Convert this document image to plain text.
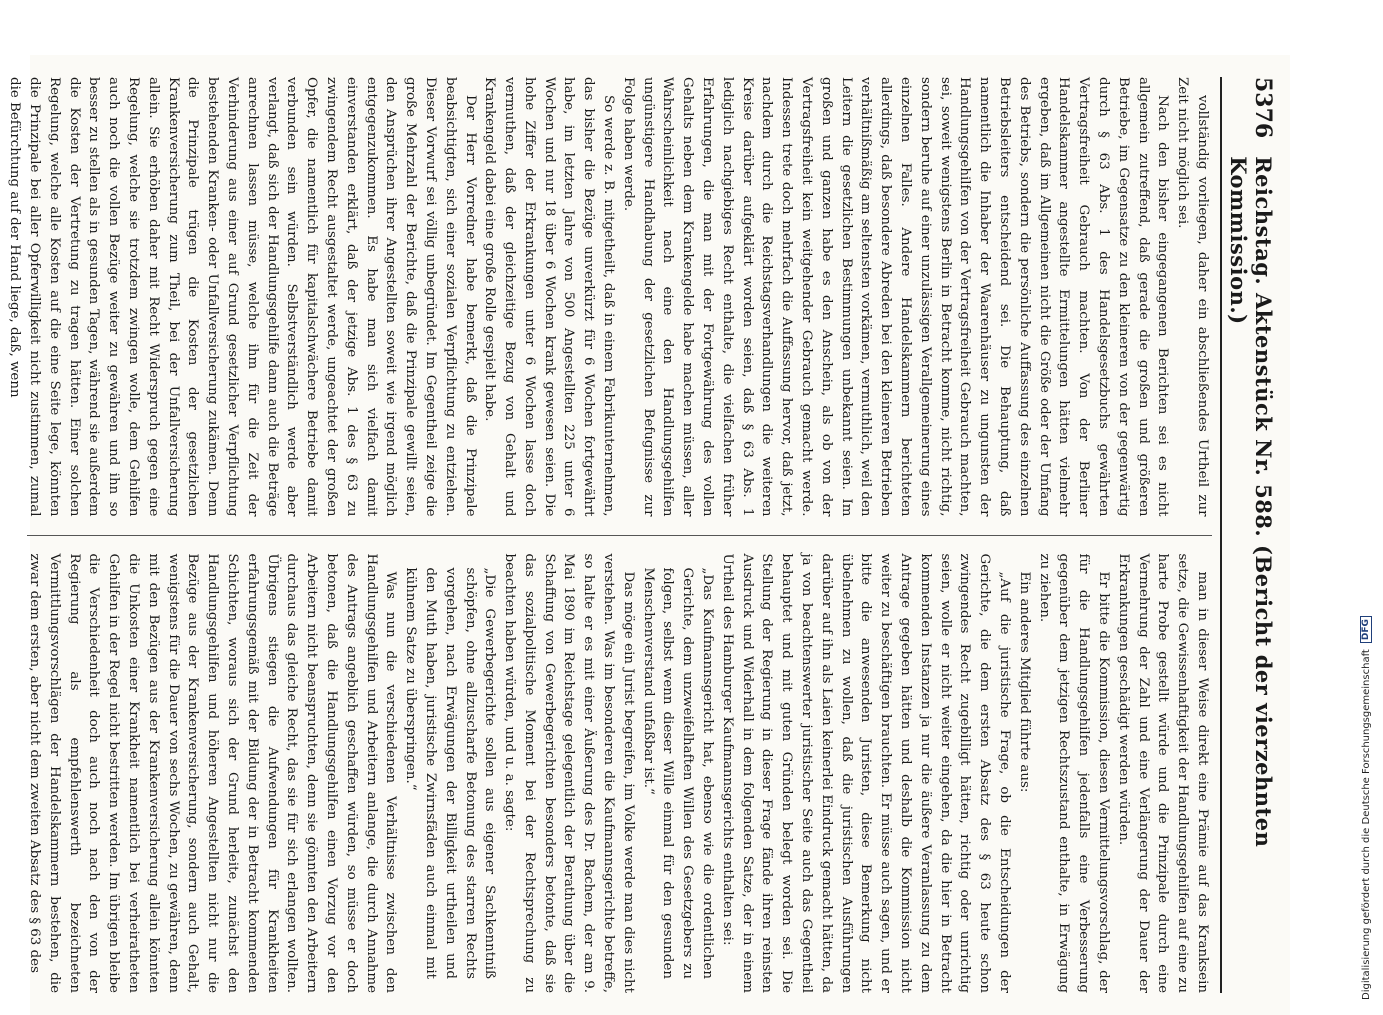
5376
Reichstag. Aktenstück Nr. 588. (Bericht der vierzehnten Kommission.)

vollständig vorliegen, daher ein abschließendes Urtheil zur Zeit nicht möglich sei.

Nach den bisher eingegangenen Berichten sei es nicht allgemein zutreffend, daß gerade die großen und größeren Betriebe, im Gegensatze zu den kleineren von der gegenwärtig durch § 63 Abs. 1 des Handelsgesetzbuchs gewährten Vertragsfreiheit Gebrauch machten. Von der Berliner Handelskammer angestellte Ermittelungen hätten vielmehr ergeben, daß im Allgemeinen nicht die Größe oder der Umfang des Betriebs, sondern die persönliche Auffassung des einzelnen Betriebsleiters entscheidend sei. Die Behauptung, daß namentlich die Inhaber der Waarenhäuser zu ungunsten der Handlungsgehilfen von der Vertragsfreiheit Gebrauch machten, sei, soweit wenigstens Berlin in Betracht komme, nicht richtig, sondern beruhe auf einer unzulässigen Verallgemeinerung eines einzelnen Falles. Andere Handelskammern berichteten allerdings, daß besondere Abreden bei den kleineren Betrieben verhältnißmäßig am seltensten vorkämen, vermuthlich, weil den Leitern die gesetzlichen Bestimmungen unbekannt seien. Im großen und ganzen habe es den Anschein, als ob von der Vertragsfreiheit kein weitgehender Gebrauch gemacht werde. Indessen trete doch mehrfach die Auffassung hervor, daß jetzt, nachdem durch die Reichstagsverhandlungen die weiteren Kreise darüber aufgeklärt worden seien, daß § 63 Abs. 1 lediglich nachgiebiges Recht enthalte, die vielfachen früher Erfahrungen, die man mit der Fortgewährung des vollen Gehalts neben dem Krankengelde habe machen müssen, aller Wahrscheinlichkeit nach eine den Handlungsgehilfen ungünstigere Handhabung der gesetzlichen Befugnisse zur Folge haben werde.

So werde z. B. mitgetheilt, daß in einem Fabrikunternehmen, das bisher die Bezüge unverkürzt für 6 Wochen fortgewährt habe, im letzten Jahre von 500 Angestellten 225 unter 6 Wochen und nur 18 über 6 Wochen krank gewesen seien. Die hohe Ziffer der Erkrankungen unter 6 Wochen lasse doch vermuthen, daß der gleichzeitige Bezug von Gehalt und Krankengeld dabei eine große Rolle gespielt habe.

Der Herr Vorredner habe bemerkt, daß die Prinzipale beabsichtigten, sich einer sozialen Verpflichtung zu entziehen. Dieser Vorwurf sei völlig unbegründet. Im Gegentheil zeige die große Mehrzahl der Berichte, daß die Prinzipale gewillt seien, den Ansprüchen ihrer Angestellten soweit wie irgend möglich entgegenzukommen. Es habe man sich vielfach damit einverstanden erklärt, daß der jetzige Abs. 1 des § 63 zu zwingendem Recht ausgestaltet werde, ungeachtet der großen Opfer, die namentlich für kapitalschwächere Betriebe damit verbunden sein würden. Selbstverständlich werde aber verlangt, daß sich der Handlungsgehilfe dann auch die Beträge anrechnen lassen müsse, welche ihm für die Zeit der Verhinderung aus einer auf Grund gesetzlicher Verpflichtung bestehenden Kranken- oder Unfallversicherung zukämen. Denn die Prinzipale trügen die Kosten der gesetzlichen Krankenversicherung zum Theil, bei der Unfallversicherung allein. Sie erhöben daher mit Recht Widerspruch gegen eine Regelung, welche sie trotzdem zwingen wolle, dem Gehilfen auch noch die vollen Bezüge weiter zu gewähren und ihn so besser zu stellen als in gesunden Tagen, während sie außerdem die Kosten der Vertretung zu tragen hätten. Einer solchen Regelung, welche alle Kosten auf die eine Seite lege, könnten die Prinzipale bei aller Opferwilligkeit nicht zustimmen, zumal die Befürchtung auf der Hand liege, daß, wenn

man in dieser Weise direkt eine Prämie auf das Kranksein setze, die Gewissenhaftigkeit der Handlungsgehilfen auf eine zu harte Probe gestellt würde und die Prinzipale durch eine Vermehrung der Zahl und eine Verlängerung der Dauer der Erkrankungen geschädigt werden würden.

Er bitte die Kommission, diesen Vermittelungsvorschlag, der für die Handlungsgehilfen jedenfalls eine Verbesserung gegenüber dem jetzigen Rechtszustand enthalte, in Erwägung zu ziehen.

Ein anderes Mitglied führte aus:

„Auf die juristische Frage, ob die Entscheidungen der Gerichte, die dem ersten Absatz des § 63 heute schon zwingendes Recht zugebilligt hätten, richtig oder unrichtig seien, wolle er nicht weiter eingehen, da die hier in Betracht kommenden Instanzen ja nur die äußere Veranlassung zu dem Antrage gegeben hätten und deshalb die Kommission nicht weiter zu beschäftigen brauchten. Er müsse auch sagen, und er bitte die anwesenden Juristen, diese Bemerkung nicht übelnehmen zu wollen, daß die juristischen Ausführungen darüber auf ihn als Laien keinerlei Eindruck gemacht hätten, da ja von beachtenswerter juristischer Seite auch das Gegentheil behauptet und mit guten Gründen belegt worden sei. Die Stellung der Regierung in dieser Frage fände ihren reinsten Ausdruck und Widerhall in dem folgenden Satze, der in einem Urtheil des Hamburger Kaufmannsgerichts enthalten sei:

„Das Kaufmannsgericht hat, ebenso wie die ordentlichen Gerichte, dem unzweifelhaften Willen des Gesetzgebers zu folgen, selbst wenn dieser Wille einmal für den gesunden Menschenverstand unfaßbar ist.“

Das möge ein Jurist begreifen, im Volke werde man dies nicht verstehen. Was im besonderen die Kaufmannsgerichte betreffe, so halte er es mit einer Äußerung des Dr. Bachem, der am 9. Mai 1890 im Reichstage gelegentlich der Berathung über die Schaffung von Gewerbegerichten besonders betonte, daß sie das sozialpolitische Moment bei der Rechtsprechung zu beachten haben würden, und u. a. sagte:

„Die Gewerbegerichte sollen aus eigener Sachkenntniß schöpfen, ohne allzuscharfe Betonung des starren Rechts vorgehen, nach Erwägungen der Billigkeit urtheilen und den Muth haben, juristische Zwirnsfäden auch einmal mit kühnem Satze zu überspringen.“

Was nun die verschiedenen Verhältnisse zwischen den Handlungsgehilfen und Arbeitern anlange, die durch Annahme des Antrags angeblich geschaffen würden, so müsse er doch betonen, daß die Handlungsgehilfen einen Vorzug vor den Arbeitern nicht beanspruchten, denn sie gönnten den Arbeitern durchaus das gleiche Recht, das sie für sich erlangen wollten. Übrigens stiegen die Aufwendungen für Krankheiten erfahrungsgemäß mit der Bildung der in Betracht kommenden Schichten, woraus sich der Grund herleite, zunächst den Handlungsgehilfen und höheren Angestellten nicht nur die Bezüge aus der Krankenversicherung, sondern auch Gehalt, wenigstens für die Dauer von sechs Wochen, zu gewähren, denn mit den Bezügen aus der Krankenversicherung allein könnten die Unkosten einer Krankheit namentlich bei verheiratheten Gehilfen in der Regel nicht bestritten werden. Im übrigen bleibe die Verschiedenheit doch auch noch nach den von der Regierung als empfehlenswerth bezeichneten Vermittlungsvorschlägen der Handelskammern bestehen, die zwar dem ersten, aber nicht dem zweiten Absatz des § 63 des	Digitalisierung gefördert durch die Deutsche Forschungsgemeinschaft
DFG
